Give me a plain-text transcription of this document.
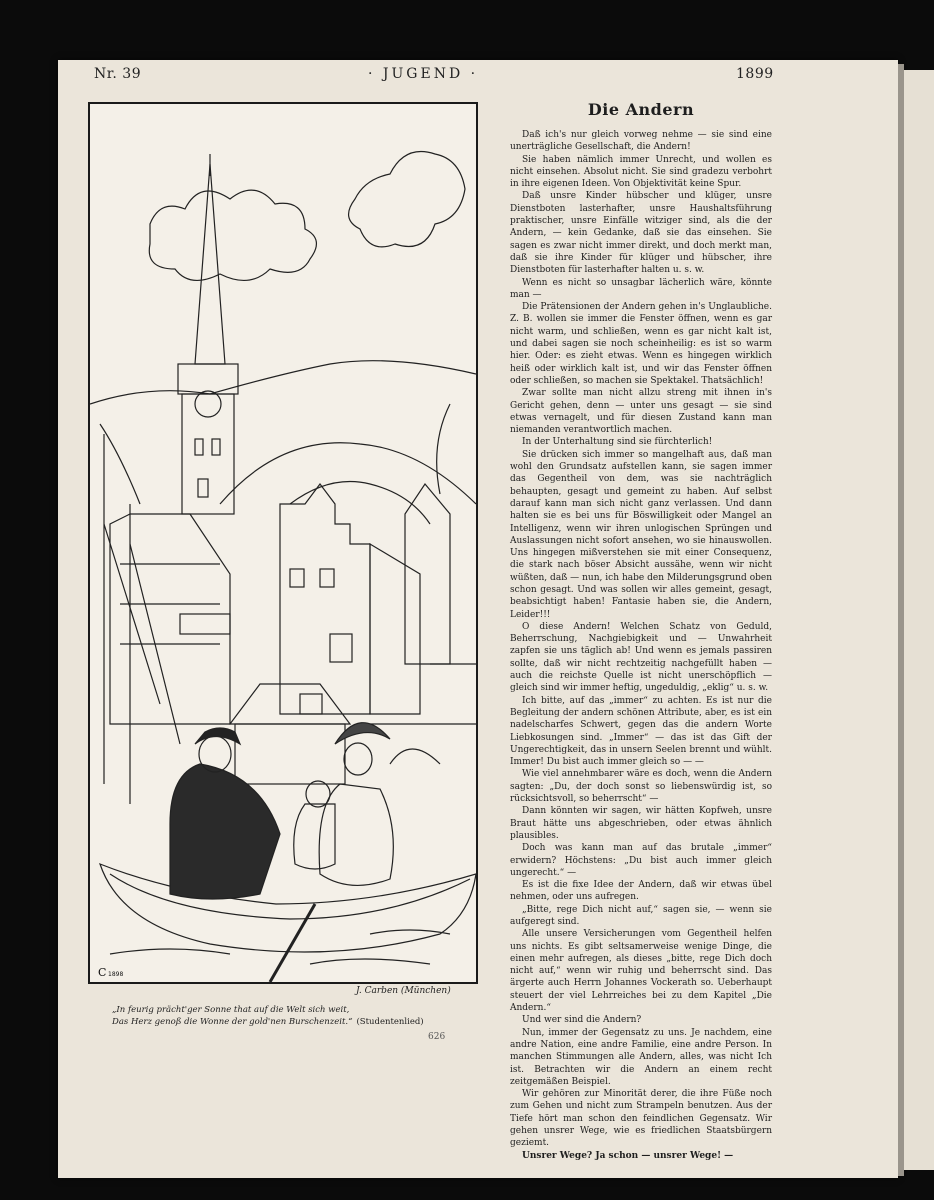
Nr. 39	· JUGEND ·	1899
C 1898
J. Carben (München)
„In feurig prächt'ger Sonne that auf die Welt sich weit,
Das Herz genoß die Wonne der gold'nen Burschenzeit.“ (Studentenlied)
626
Die Andern

Daß ich's nur gleich vorweg nehme — sie sind eine unerträgliche Gesellschaft, die Andern!

Sie haben nämlich immer Unrecht, und wollen es nicht einsehen. Absolut nicht. Sie sind gradezu verbohrt in ihre eigenen Ideen. Von Objektivität keine Spur.

Daß unsre Kinder hübscher und klüger, unsre Dienstboten lasterhafter, unsre Haushaltsführung praktischer, unsre Einfälle witziger sind, als die der Andern, — kein Gedanke, daß sie das einsehen. Sie sagen es zwar nicht immer direkt, und doch merkt man, daß sie ihre Kinder für klüger und hübscher, ihre Dienstboten für lasterhafter halten u. s. w.

Wenn es nicht so unsagbar lächerlich wäre, könnte man —

Die Prätensionen der Andern gehen in's Unglaubliche. Z. B. wollen sie immer die Fenster öffnen, wenn es gar nicht warm, und schließen, wenn es gar nicht kalt ist, und dabei sagen sie noch scheinheilig: es ist so warm hier. Oder: es zieht etwas. Wenn es hingegen wirklich heiß oder wirklich kalt ist, und wir das Fenster öffnen oder schließen, so machen sie Spektakel. Thatsächlich!

Zwar sollte man nicht allzu streng mit ihnen in's Gericht gehen, denn — unter uns gesagt — sie sind etwas vernagelt, und für diesen Zustand kann man niemanden verantwortlich machen.

In der Unterhaltung sind sie fürchterlich!

Sie drücken sich immer so mangelhaft aus, daß man wohl den Grundsatz aufstellen kann, sie sagen immer das Gegentheil von dem, was sie nachträglich behaupten, gesagt und gemeint zu haben. Auf selbst darauf kann man sich nicht ganz verlassen. Und dann halten sie es bei uns für Böswilligkeit oder Mangel an Intelligenz, wenn wir ihren unlogischen Sprüngen und Auslassungen nicht sofort ansehen, wo sie hinauswollen. Uns hingegen mißverstehen sie mit einer Consequenz, die stark nach böser Absicht aussähe, wenn wir nicht wüßten, daß — nun, ich habe den Milderungsgrund oben schon gesagt. Und was sollen wir alles gemeint, gesagt, beabsichtigt haben! Fantasie haben sie, die Andern, Leider!!!

O diese Andern! Welchen Schatz von Geduld, Beherrschung, Nachgiebigkeit und — Unwahrheit zapfen sie uns täglich ab! Und wenn es jemals passiren sollte, daß wir nicht rechtzeitig nachgefüllt haben — auch die reichste Quelle ist nicht unerschöpflich — gleich sind wir immer heftig, ungeduldig, „eklig“ u. s. w.

Ich bitte, auf das „immer“ zu achten. Es ist nur die Begleitung der andern schönen Attribute, aber, es ist ein nadelscharfes Schwert, gegen das die andern Worte Liebkosungen sind. „Immer“ — das ist das Gift der Ungerechtigkeit, das in unsern Seelen brennt und wühlt. Immer! Du bist auch immer gleich so — —

Wie viel annehmbarer wäre es doch, wenn die Andern sagten: „Du, der doch sonst so liebenswürdig ist, so rücksichtsvoll, so beherrscht“ —

Dann könnten wir sagen, wir hätten Kopfweh, unsre Braut hätte uns abgeschrieben, oder etwas ähnlich plausibles.

Doch was kann man auf das brutale „immer“ erwidern? Höchstens: „Du bist auch immer gleich ungerecht.“ —

Es ist die fixe Idee der Andern, daß wir etwas übel nehmen, oder uns aufregen.

„Bitte, rege Dich nicht auf,“ sagen sie, — wenn sie aufgeregt sind.

Alle unsere Versicherungen vom Gegentheil helfen uns nichts. Es gibt seltsamerweise wenige Dinge, die einen mehr aufregen, als dieses „bitte, rege Dich doch nicht auf,“ wenn wir ruhig und beherrscht sind. Das ärgerte auch Herrn Johannes Vockerath so. Ueberhaupt steuert der viel Lehrreiches bei zu dem Kapitel „Die Andern.“

Und wer sind die Andern?

Nun, immer der Gegensatz zu uns. Je nachdem, eine andre Nation, eine andre Familie, eine andre Person. In manchen Stimmungen alle Andern, alles, was nicht Ich ist. Betrachten wir die Andern an einem recht zeitgemäßen Beispiel.

Wir gehören zur Minorität derer, die ihre Füße noch zum Gehen und nicht zum Strampeln benutzen. Aus der Tiefe hört man schon den feindlichen Gegensatz. Wir gehen unsrer Wege, wie es friedlichen Staatsbürgern geziemt.

Unsrer Wege? Ja schon — unsrer Wege! —
